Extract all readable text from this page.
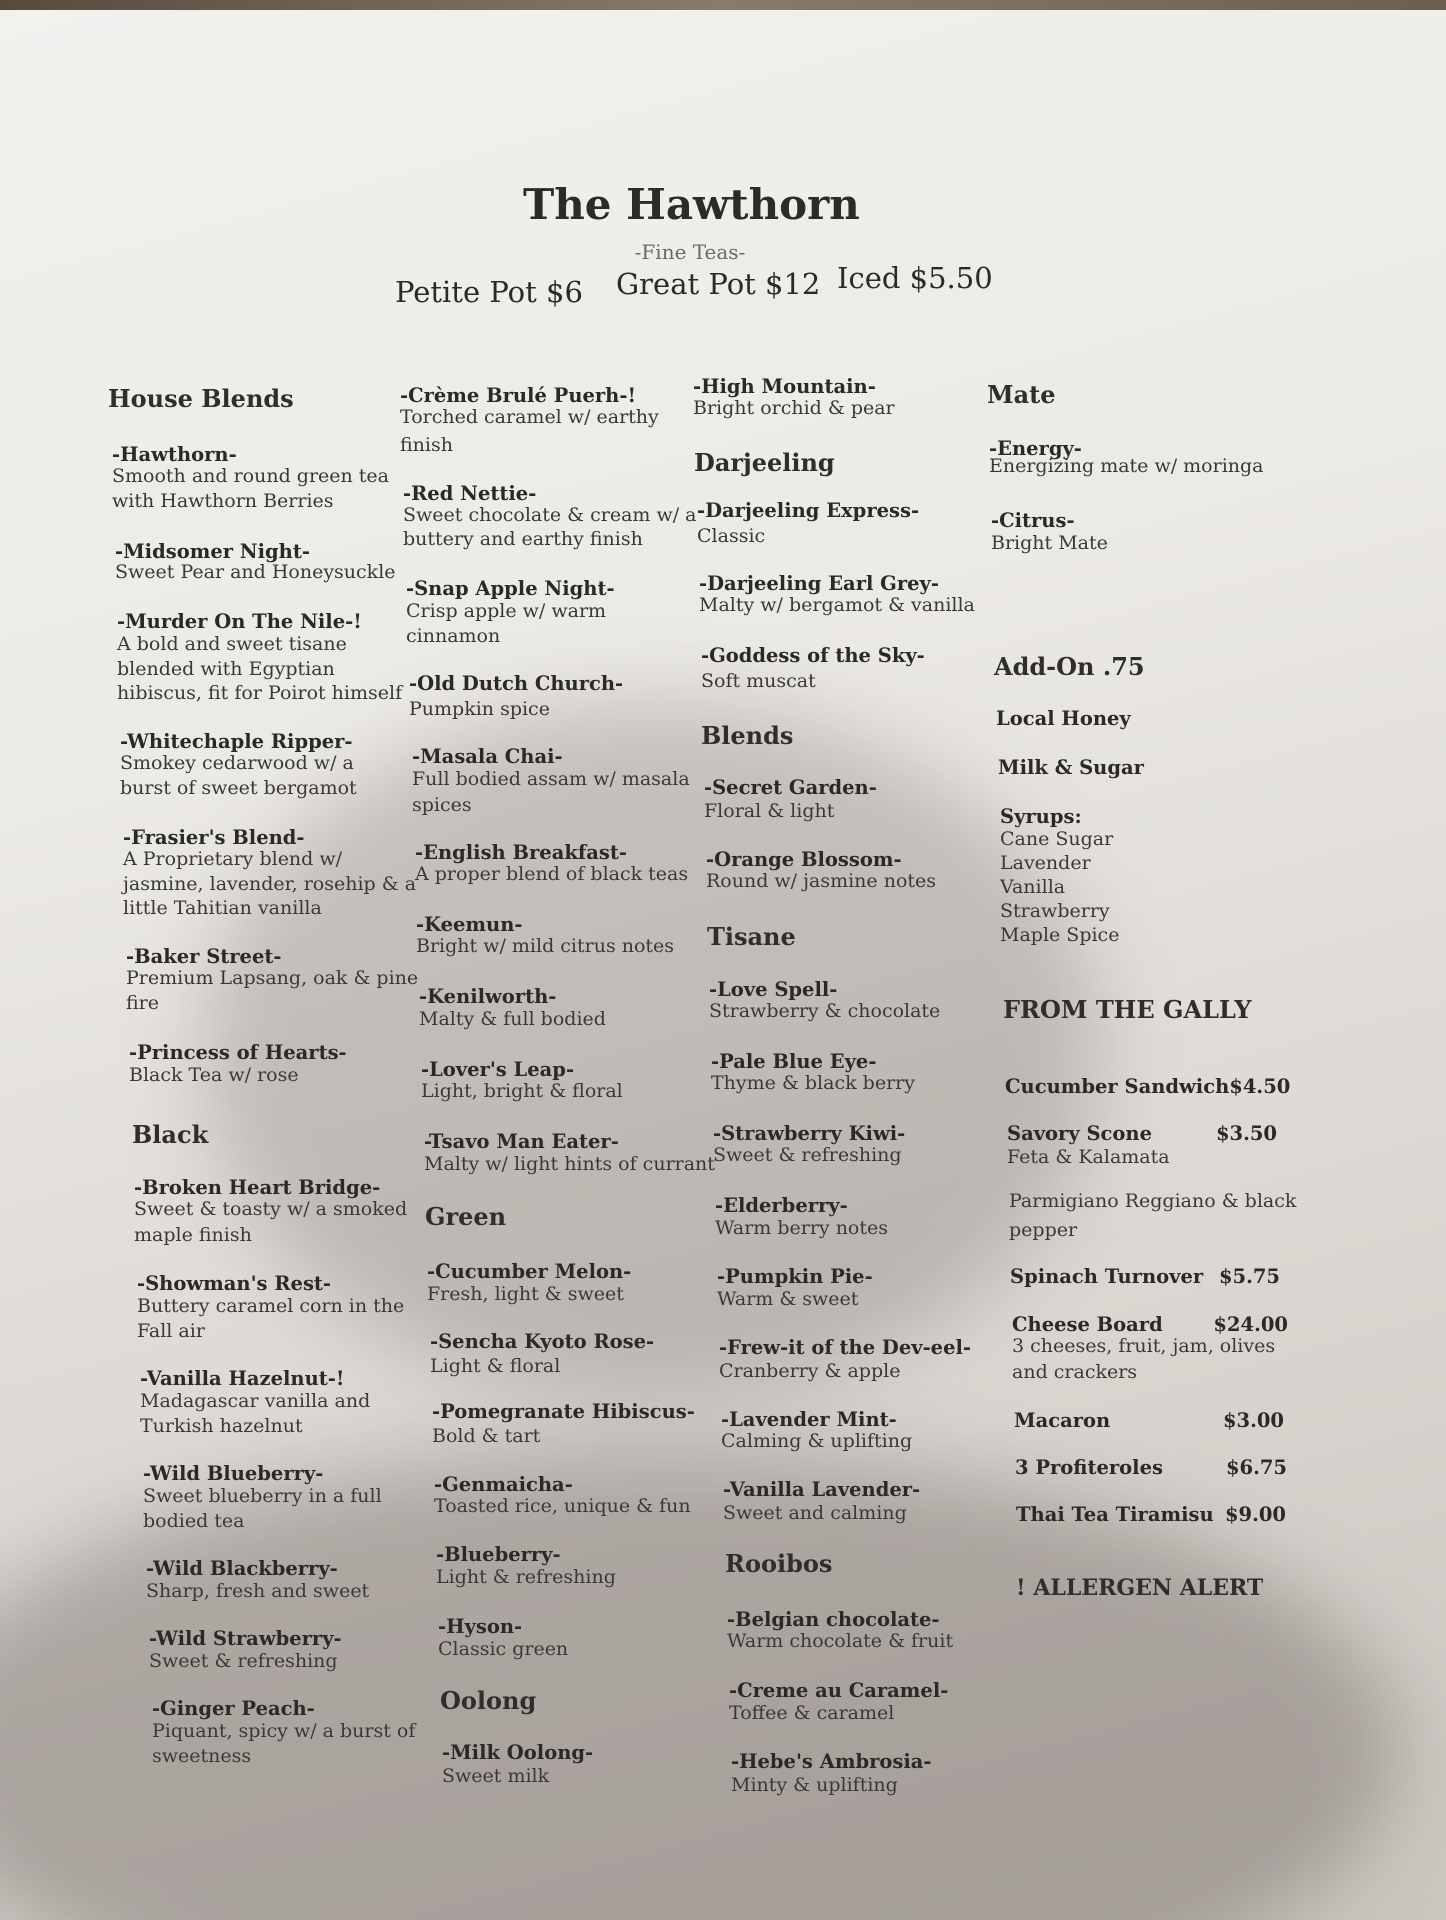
The Hawthorn
-Fine Teas-
Petite Pot $6 Great Pot $12 Iced $5.50
House Blends
-Hawthorn-
Smooth and round green tea
with Hawthorn Berries
-Midsomer Night-
Sweet Pear and Honeysuckle
-Murder On The Nile-!
A bold and sweet tisane
blended with Egyptian
hibiscus, fit for Poirot himself
-Whitechaple Ripper-
Smokey cedarwood w/ a
burst of sweet bergamot
-Frasier's Blend-
A Proprietary blend w/
jasmine, lavender, rosehip & a
little Tahitian vanilla
-Baker Street-
Premium Lapsang, oak & pine
fire
-Princess of Hearts-
Black Tea w/ rose
Black
-Broken Heart Bridge-
Sweet & toasty w/ a smoked
maple finish
-Showman's Rest-
Buttery caramel corn in the
Fall air
-Vanilla Hazelnut-!
Madagascar vanilla and
Turkish hazelnut
-Wild Blueberry-
Sweet blueberry in a full
bodied tea
-Wild Blackberry-
Sharp, fresh and sweet
-Wild Strawberry-
Sweet & refreshing
-Ginger Peach-
Piquant, spicy w/ a burst of
sweetness
-Crème Brulé Puerh-!
Torched caramel w/ earthy
finish
-Red Nettie-
Sweet chocolate & cream w/ a
buttery and earthy finish
-Snap Apple Night-
Crisp apple w/ warm
cinnamon
-Old Dutch Church-
Pumpkin spice
-Masala Chai-
Full bodied assam w/ masala
spices
-English Breakfast-
A proper blend of black teas
-Keemun-
Bright w/ mild citrus notes
-Kenilworth-
Malty & full bodied
-Lover's Leap-
Light, bright & floral
-Tsavo Man Eater-
Malty w/ light hints of currant
Green
-Cucumber Melon-
Fresh, light & sweet
-Sencha Kyoto Rose-
Light & floral
-Pomegranate Hibiscus-
Bold & tart
-Genmaicha-
Toasted rice, unique & fun
-Blueberry-
Light & refreshing
-Hyson-
Classic green
Oolong
-Milk Oolong-
Sweet milk
-High Mountain-
Bright orchid & pear
Darjeeling
-Darjeeling Express-
Classic
-Darjeeling Earl Grey-
Malty w/ bergamot & vanilla
-Goddess of the Sky-
Soft muscat
Blends
-Secret Garden-
Floral & light
-Orange Blossom-
Round w/ jasmine notes
Tisane
-Love Spell-
Strawberry & chocolate
-Pale Blue Eye-
Thyme & black berry
-Strawberry Kiwi-
Sweet & refreshing
-Elderberry-
Warm berry notes
-Pumpkin Pie-
Warm & sweet
-Frew-it of the Dev-eel-
Cranberry & apple
-Lavender Mint-
Calming & uplifting
-Vanilla Lavender-
Sweet and calming
Rooibos
-Belgian chocolate-
Warm chocolate & fruit
-Creme au Caramel-
Toffee & caramel
-Hebe's Ambrosia-
Minty & uplifting
Mate
-Energy-
Energizing mate w/ moringa
-Citrus-
Bright Mate
Add-On .75
Local Honey
Milk & Sugar
Syrups:
Cane Sugar
Lavender
Vanilla
Strawberry
Maple Spice
FROM THE GALLY
Cucumber Sandwich $4.50
Savory Scone	$3.50
Feta & Kalamata
Parmigiano Reggiano & black
pepper
Spinach Turnover $5.75
Cheese Board	$24.00
3 cheeses, fruit, jam, olives
and crackers
Macaron	$3.00
3 Profiteroles	$6.75
Thai Tea Tiramisu $9.00
! ALLERGEN ALERT
